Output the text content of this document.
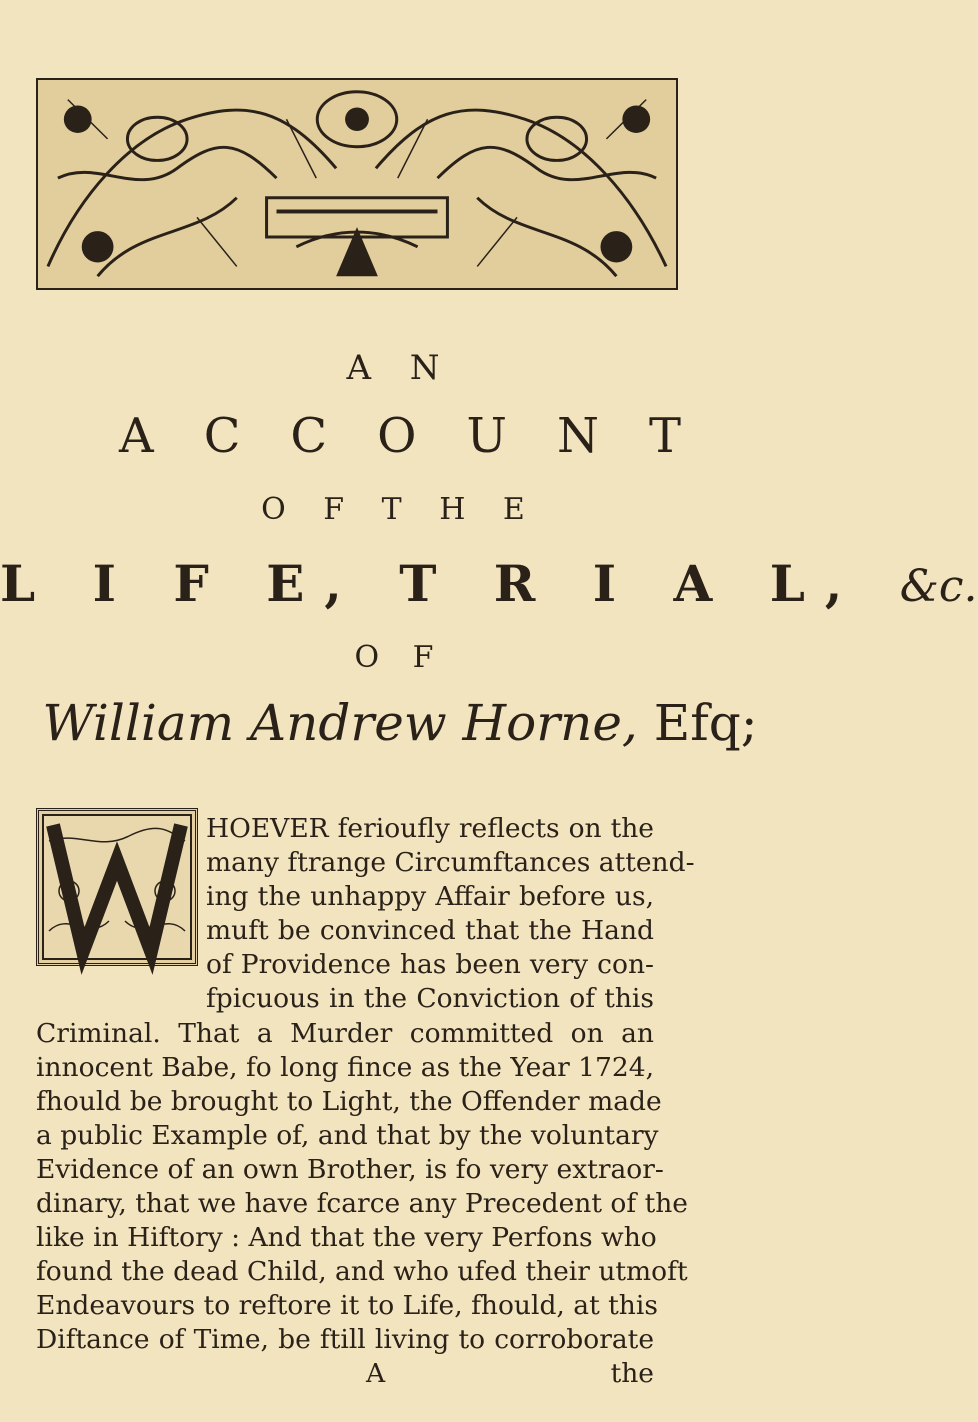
A N

ACCOUNT

O F T H E

L I F E, T R I A L, &c.

O F

William Andrew Horne, Efq;

HOEVER ferioufly reflects on the

many ftrange Circumftances attend-

ing the unhappy Affair before us,

muft be convinced that the Hand

of Providence has been very con-

fpicuous in the Conviction of this

Criminal. That a Murder committed on an

innocent Babe, fo long fince as the Year 1724,

fhould be brought to Light, the Offender made

a public Example of, and that by the voluntary

Evidence of an own Brother, is fo very extraor-

dinary, that we have fcarce any Precedent of the

like in Hiftory : And that the very Perfons who

found the dead Child, and who ufed their utmoft

Endeavours to reftore it to Life, fhould, at this

Diftance of Time, be ftill living to corroborate

A	the
